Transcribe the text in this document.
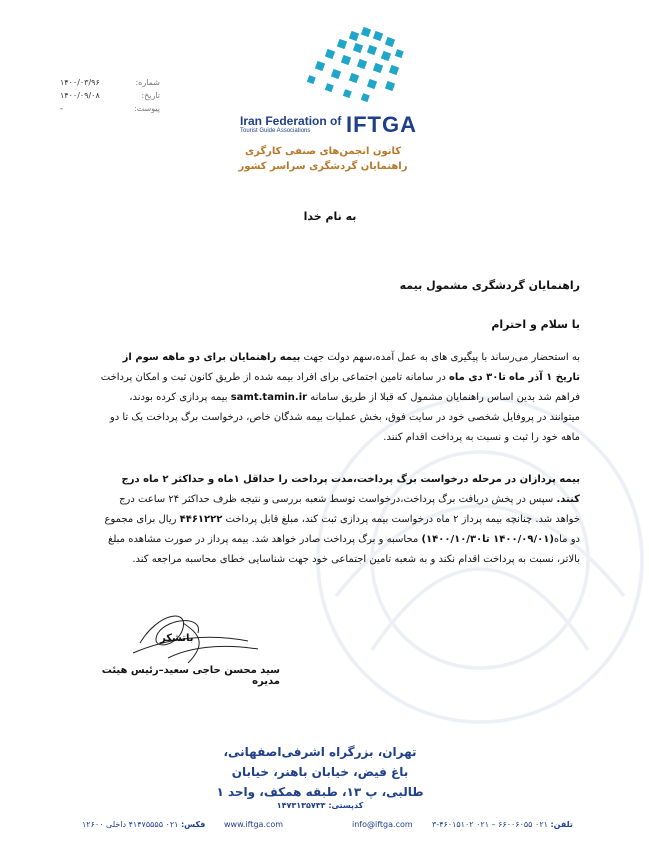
شماره:
۱۴۰۰/۰۳/۹۶
تاریخ:
۱۴۰۰/۰۹/۰۸
پیوست:
-
Iran Federation of
Tourist Guide Associations	IFTGA
کانون انجمن‌های صنفی کارگری
راهنمایان گردشگری سراسر کشور
به نام خدا
راهنمایان گردشگری مشمول بیمه
با سلام و احترام
به استحضار می‌رساند با پیگیری های به عمل آمده،سهم دولت جهت بیمه راهنمایان برای دو ماهه سوم از تاریخ ۱ آذر ماه تا۳۰ دی ماه در سامانه تامین اجتماعی برای افراد بیمه شده از طریق کانون ثبت و امکان پرداخت فراهم شد‌ بدین اساس راهنمایان مشمول که قبلا از طریق سامانه samt.tamin.ir بیمه پردازی کرده بودند، میتوانند در پروفایل شخصی خود در سایت فوق، بخش عملیات بیمه شدگان خاص، درخواست برگ پرداخت یک تا دو ماهه خود را ثبت و نسبت به پرداخت اقدام کنند.
بیمه پردازان در مرحله درخواست برگ پرداخت،مدت پرداخت را حداقل ۱ماه و حداکثر ۲ ماه درج کنند. سپس در پخش دریافت برگ پرداخت،درخواست توسط شعبه بررسی و نتیجه ظرف حداکثر ۲۴ ساعت درج خواهد شد. چنانچه بیمه پرداز ۲ ماه درخواست بیمه پردازی ثبت کند، مبلغ قابل پرداخت ۴۴۶۱۲۲۲ ریال برای مجموع دو ماه(۱۴۰۰/۰۹/۰۱ تا۱۴۰۰/۱۰/۳۰) محاسبه و برگ پرداخت صادر خواهد شد. بیمه پرداز در صورت مشاهده مبلغ بالاتر، نسبت به پرداخت اقدام نکند و به شعبه تامین اجتماعی خود جهت شناسایی خطای محاسبه مراجعه کند.
باتشکر
سید محسن حاجی سعید–رئیس هیئت مدیره
تهران، بزرگراه اشرفی‌اصفهانی،
باغ فیض، خیابان باهنر، خیابان
طالبی، پ ۱۳، طبقه همکف، واحد ۱
کدپستی: ۱۴۷۳۱۳۵۷۳۳
فکس: ۰۲۱ ۴۱۴۷۵۵۵۵ داخلی ۱۲۶۰۰	www.iftga.com	info@iftga.com	تلفن: ۰۲۱ ۶۶۰۰۶۰۵۵ – ۰۲۱ ۴۶۰۱۵۱۰۲-۳
